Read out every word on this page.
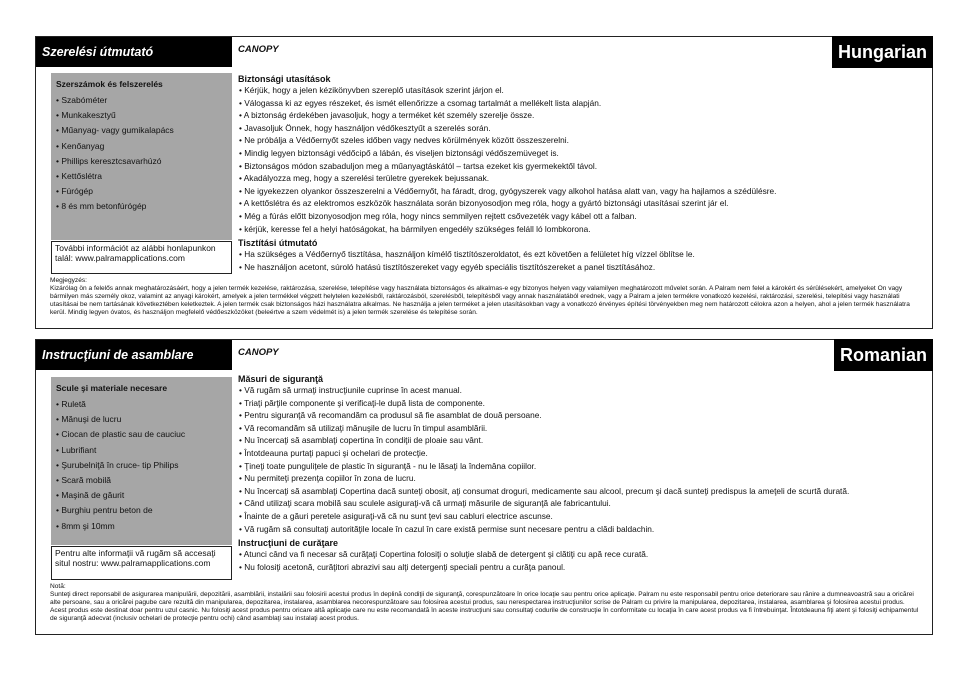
Szerelési útmutató	CANOPY	Hungarian
Szerszámok és felszerelés
• Szabóméter
• Munkakesztyű
• Műanyag- vagy gumikalapács
• Kenőanyag
• Phillips keresztcsavarhúzó
• Kettőslétra
• Fúrógép
• 8 és mm betonfúrógép
További információt az alábbi honlapunkon talál: www.palramapplications.com
Biztonsági utasítások
• Kérjük, hogy a jelen kézikönyvben szereplő utasítások szerint járjon el.
• Válogassa ki az egyes részeket, és ismét ellenőrizze a csomag tartalmát a mellékelt lista alapján.
• A biztonság érdekében javasoljuk, hogy a terméket két személy szerelje össze.
• Javasoljuk Önnek, hogy használjon védőkesztyűt a szerelés során.
• Ne próbálja a Védőernyőt szeles időben vagy nedves körülmények között összeszerelni.
• Mindig legyen biztonsági védőcipő a lábán, és viseljen biztonsági védőszemüveget is.
• Biztonságos módon szabaduljon meg a műanyagtáskától – tartsa ezeket kis gyermekektől távol.
• Akadályozza meg, hogy a szerelési területre gyerekek bejussanak.
• Ne igyekezzen olyankor összeszerelni a Védőernyőt, ha fáradt, drog, gyógyszerek vagy alkohol hatása alatt van, vagy ha hajlamos a szédülésre.
• A kettőslétra és az elektromos eszközök használata során bizonyosodjon meg róla, hogy a gyártó biztonsági utasításai szerint jár el.
• Még a fúrás előtt bizonyosodjon meg róla, hogy nincs semmilyen rejtett csővezeték vagy kábel ott a falban.
• kérjük, keresse fel a helyi hatóságokat, ha bármilyen engedély szükséges feláll ló lombkorona.
Tisztítási útmutató
• Ha szükséges a Védőernyő tisztítása, használjon kímélő tisztítószeroldatot, és ezt követően a felületet híg vízzel öblítse le.
• Ne használjon acetont, súroló hatású tisztítószereket vagy egyéb speciális tisztítószereket a panel tisztításához.
Megjegyzés:
Kizárólag ön a felelős annak meghatározásáért, hogy a jelen termék kezelése, raktározása, szerelése, telepítése vagy használata biztonságos és alkalmas-e egy bizonyos helyen vagy valamilyen meghatározott művelet során. A Palram nem felel a károkért és sérülésekért, amelyeket On vagy bármilyen más személy okoz, valamint az anyagi károkért, amelyek a jelen termékkel végzett helytelen kezelésből, raktározásból, szerelésből, telepítésből vagy annak használatából erednek, vagy a Palram a jelen termékre vonatkozó kezelési, raktározási, szerelési, telepítési vagy használati utasításai be nem tartásának következtében keletkeztek. A jelen termék csak biztonságos házi használatra alkalmas. Ne használja a jelen terméket a jelen utasításokban vagy a vonatkozó érvényes építési törvényekben meg nem határozott célokra azon a helyen, ahol a jelen termék használatra kerül. Mindig legyen óvatos, és használjon megfelelő védőeszközöket (beleértve a szem védelmét is) a jelen termék szerelése és telepítése során.
Instrucţiuni de asamblare	CANOPY	Romanian
Scule şi materiale necesare
• Ruletă
• Mănuşi de lucru
• Ciocan de plastic sau de cauciuc
• Lubrifiant
• Şurubelniţă în cruce- tip Philips
• Scară mobilă
• Maşină de găurit
• Burghiu pentru beton de
• 8mm şi 10mm
Pentru alte informaţii vă rugăm să accesaţi situl nostru: www.palramapplications.com
Măsuri de siguranţă
• Vă rugăm să urmaţi instrucţiunile cuprinse în acest manual.
• Triaţi părţile componente şi verificaţi-le după lista de componente.
• Pentru siguranţă vă recomandăm ca produsul să fie asamblat de două persoane.
• Vă recomandăm să utilizaţi mănuşile de lucru în timpul asamblării.
• Nu încercaţi să asamblaţi copertina în condiţii de ploaie sau vânt.
• Întotdeauna purtaţi papuci şi ochelari de protecţie.
• Ţineţi toate pungulițele de plastic în siguranţă - nu le lăsaţi la îndemâna copiilor.
• Nu permiteţi prezenţa copiilor în zona de lucru.
• Nu încercaţi să asamblaţi Copertina dacă sunteţi obosit, aţi consumat droguri, medicamente sau alcool, precum şi dacă sunteţi predispus la ameţeli de scurtă durată.
• Când utilizaţi scara mobilă sau sculele asiguraţi-vă că urmaţi măsurile de siguranţă ale fabricantului.
• Înainte de a găuri peretele asiguraţi-vă că nu sunt ţevi sau cabluri electrice ascunse.
• Vă rugăm să consultaţi autorităţile locale în cazul în care există permise sunt necesare pentru a clădi baldachin.
Instrucţiuni de curăţare
• Atunci când va fi necesar să curăţaţi Copertina folosiţi o soluţie slabă de detergent şi clătiţi cu apă rece curată.
• Nu folosiţi acetonă, curăţitori abrazivi sau alţi detergenţi speciali pentru a curăţa panoul.
Notă:
Sunteţi direct reponsabil de asigurarea manipulării, depozitării, asamblării, instalării sau folosirii acestui produs în deplină condiţii de siguranţă, corespunzătoare în orice locaţie sau pentru orice aplicaţie. Palram nu este responsabil pentru orice deteriorare sau rănire a dumneavoastră sau a oricărei alte persoane, sau a oricărei pagube care rezultă din manipularea, depozitarea, instalarea, asamblarea necorespunzătoare sau folosirea acestui produs, sau nerespectarea instrucţiunilor scrise de Palram cu privire la manipularea, depozitarea, instalarea, asamblarea şi folosirea acestui produs. Acest produs este destinat doar pentru uzul casnic. Nu folosiţi acest produs pentru oricare altă aplicaţie care nu este recomandată în aceste instrucţiuni sau consultaţi codurile de construcţie în conformitate cu locaţia în care acest produs va fi întrebuinţat. Întotdeauna fiţi atent şi folosiţi echipamentul de siguranţă adecvat (inclusiv ochelari de protecţie pentru ochi) când asamblaţi sau instalaţi acest produs.
